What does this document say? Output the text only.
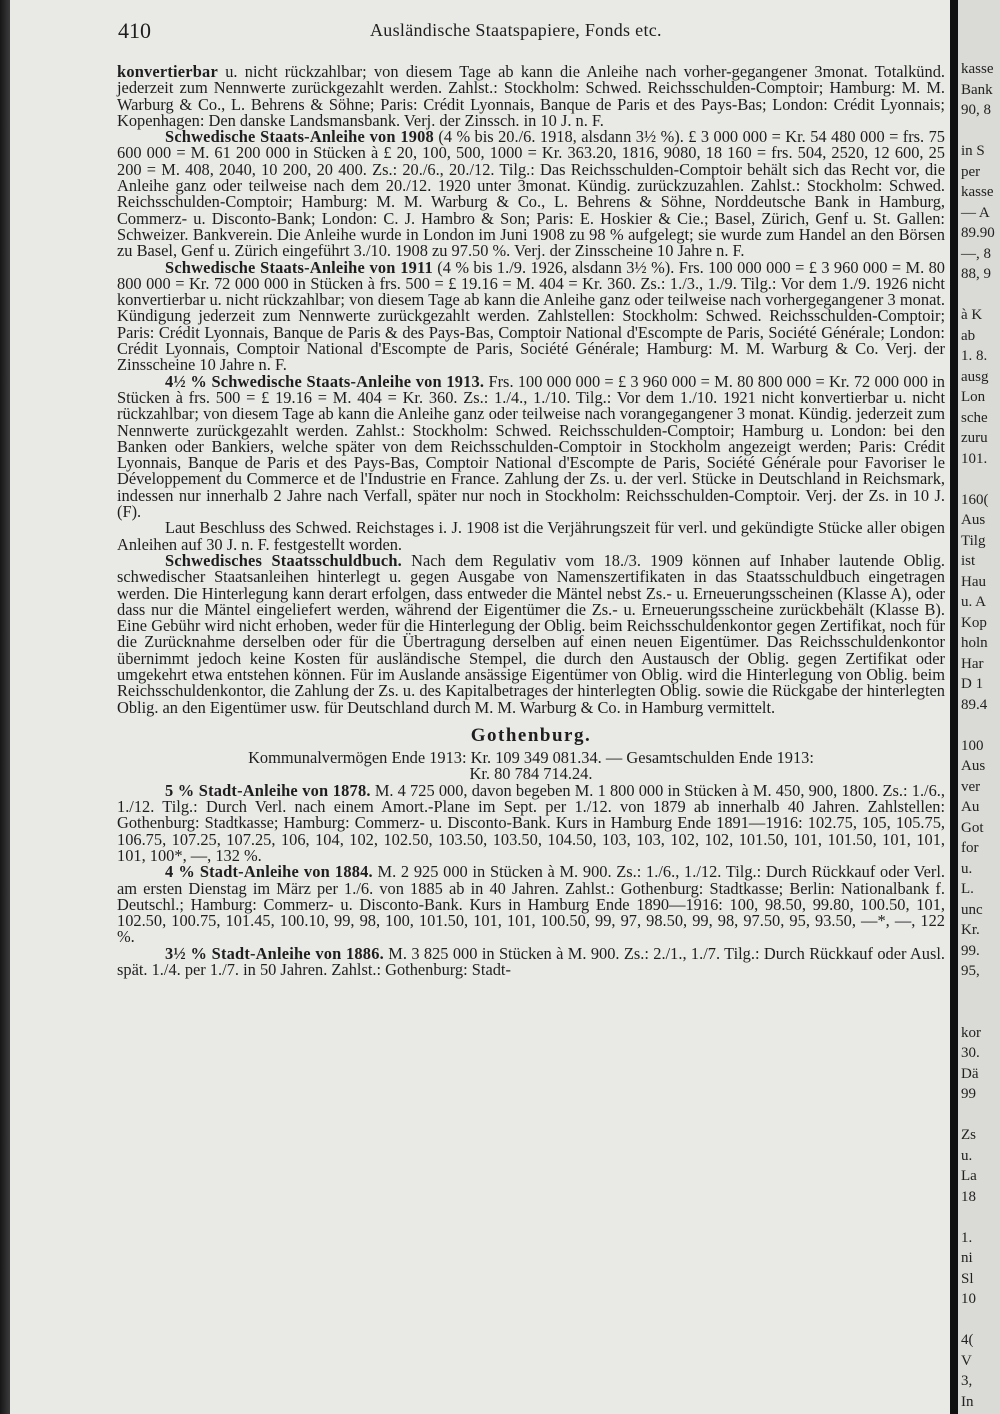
410	Ausländische Staatspapiere, Fonds etc.

konvertierbar u. nicht rückzahlbar; von diesem Tage ab kann die Anleihe nach vorher-gegangener 3monat. Totalkünd. jederzeit zum Nennwerte zurückgezahlt werden. Zahlst.: Stockholm: Schwed. Reichsschulden-Comptoir; Hamburg: M. M. Warburg & Co., L. Behrens & Söhne; Paris: Crédit Lyonnais, Banque de Paris et des Pays-Bas; London: Crédit Lyonnais; Kopenhagen: Den danske Landsmansbank. Verj. der Zinssch. in 10 J. n. F.

Schwedische Staats-Anleihe von 1908 (4 % bis 20./6. 1918, alsdann 3½ %). £ 3 000 000 = Kr. 54 480 000 = frs. 75 600 000 = M. 61 200 000 in Stücken à £ 20, 100, 500, 1000 = Kr. 363.20, 1816, 9080, 18 160 = frs. 504, 2520, 12 600, 25 200 = M. 408, 2040, 10 200, 20 400. Zs.: 20./6., 20./12. Tilg.: Das Reichsschulden-Comptoir behält sich das Recht vor, die Anleihe ganz oder teilweise nach dem 20./12. 1920 unter 3monat. Kündig. zurückzuzahlen. Zahlst.: Stockholm: Schwed. Reichsschulden-Comptoir; Hamburg: M. M. Warburg & Co., L. Behrens & Söhne, Norddeutsche Bank in Hamburg, Commerz- u. Disconto-Bank; London: C. J. Hambro & Son; Paris: E. Hoskier & Cie.; Basel, Zürich, Genf u. St. Gallen: Schweizer. Bankverein. Die Anleihe wurde in London im Juni 1908 zu 98 % aufgelegt; sie wurde zum Handel an den Börsen zu Basel, Genf u. Zürich eingeführt 3./10. 1908 zu 97.50 %. Verj. der Zinsscheine 10 Jahre n. F.

Schwedische Staats-Anleihe von 1911 (4 % bis 1./9. 1926, alsdann 3½ %). Frs. 100 000 000 = £ 3 960 000 = M. 80 800 000 = Kr. 72 000 000 in Stücken à frs. 500 = £ 19.16 = M. 404 = Kr. 360. Zs.: 1./3., 1./9. Tilg.: Vor dem 1./9. 1926 nicht konvertierbar u. nicht rückzahlbar; von diesem Tage ab kann die Anleihe ganz oder teilweise nach vorhergegangener 3 monat. Kündigung jederzeit zum Nennwerte zurückgezahlt werden. Zahlstellen: Stockholm: Schwed. Reichsschulden-Comptoir; Paris: Crédit Lyonnais, Banque de Paris & des Pays-Bas, Comptoir National d'Escompte de Paris, Société Générale; London: Crédit Lyonnais, Comptoir National d'Escompte de Paris, Société Générale; Hamburg: M. M. Warburg & Co. Verj. der Zinsscheine 10 Jahre n. F.

4½ % Schwedische Staats-Anleihe von 1913. Frs. 100 000 000 = £ 3 960 000 = M. 80 800 000 = Kr. 72 000 000 in Stücken à frs. 500 = £ 19.16 = M. 404 = Kr. 360. Zs.: 1./4., 1./10. Tilg.: Vor dem 1./10. 1921 nicht konvertierbar u. nicht rückzahlbar; von diesem Tage ab kann die Anleihe ganz oder teilweise nach vorangegangener 3 monat. Kündig. jederzeit zum Nennwerte zurückgezahlt werden. Zahlst.: Stockholm: Schwed. Reichsschulden-Comptoir; Hamburg u. London: bei den Banken oder Bankiers, welche später von dem Reichsschulden-Comptoir in Stockholm angezeigt werden; Paris: Crédit Lyonnais, Banque de Paris et des Pays-Bas, Comptoir National d'Escompte de Paris, Société Générale pour Favoriser le Développement du Commerce et de l'Industrie en France. Zahlung der Zs. u. der verl. Stücke in Deutschland in Reichsmark, indessen nur innerhalb 2 Jahre nach Verfall, später nur noch in Stockholm: Reichsschulden-Comptoir. Verj. der Zs. in 10 J. (F).

Laut Beschluss des Schwed. Reichstages i. J. 1908 ist die Verjährungszeit für verl. und gekündigte Stücke aller obigen Anleihen auf 30 J. n. F. festgestellt worden.

Schwedisches Staatsschuldbuch. Nach dem Regulativ vom 18./3. 1909 können auf Inhaber lautende Oblig. schwedischer Staatsanleihen hinterlegt u. gegen Ausgabe von Namenszertifikaten in das Staatsschuldbuch eingetragen werden. Die Hinterlegung kann derart erfolgen, dass entweder die Mäntel nebst Zs.- u. Erneuerungsscheinen (Klasse A), oder dass nur die Mäntel eingeliefert werden, während der Eigentümer die Zs.- u. Erneuerungsscheine zurückbehält (Klasse B). Eine Gebühr wird nicht erhoben, weder für die Hinterlegung der Oblig. beim Reichsschuldenkontor gegen Zertifikat, noch für die Zurücknahme derselben oder für die Übertragung derselben auf einen neuen Eigentümer. Das Reichsschuldenkontor übernimmt jedoch keine Kosten für ausländische Stempel, die durch den Austausch der Oblig. gegen Zertifikat oder umgekehrt etwa entstehen können. Für im Auslande ansässige Eigentümer von Oblig. wird die Hinterlegung von Oblig. beim Reichsschuldenkontor, die Zahlung der Zs. u. des Kapitalbetrages der hinterlegten Oblig. sowie die Rückgabe der hinterlegten Oblig. an den Eigentümer usw. für Deutschland durch M. M. Warburg & Co. in Hamburg vermittelt.

Gothenburg.

Kommunalvermögen Ende 1913: Kr. 109 349 081.34. — Gesamtschulden Ende 1913:

Kr. 80 784 714.24.

5 % Stadt-Anleihe von 1878. M. 4 725 000, davon begeben M. 1 800 000 in Stücken à M. 450, 900, 1800. Zs.: 1./6., 1./12. Tilg.: Durch Verl. nach einem Amort.-Plane im Sept. per 1./12. von 1879 ab innerhalb 40 Jahren. Zahlstellen: Gothenburg: Stadtkasse; Hamburg: Commerz- u. Disconto-Bank. Kurs in Hamburg Ende 1891—1916: 102.75, 105, 105.75, 106.75, 107.25, 107.25, 106, 104, 102, 102.50, 103.50, 103.50, 104.50, 103, 103, 102, 102, 101.50, 101, 101.50, 101, 101, 101, 100*, —, 132 %.

4 % Stadt-Anleihe von 1884. M. 2 925 000 in Stücken à M. 900. Zs.: 1./6., 1./12. Tilg.: Durch Rückkauf oder Verl. am ersten Dienstag im März per 1./6. von 1885 ab in 40 Jahren. Zahlst.: Gothenburg: Stadtkasse; Berlin: Nationalbank f. Deutschl.; Hamburg: Commerz- u. Disconto-Bank. Kurs in Hamburg Ende 1890—1916: 100, 98.50, 99.80, 100.50, 101, 102.50, 100.75, 101.45, 100.10, 99, 98, 100, 101.50, 101, 101, 100.50, 99, 97, 98.50, 99, 98, 97.50, 95, 93.50, —*, —, 122 %.

3½ % Stadt-Anleihe von 1886. M. 3 825 000 in Stücken à M. 900. Zs.: 2./1., 1./7. Tilg.: Durch Rückkauf oder Ausl. spät. 1./4. per 1./7. in 50 Jahren. Zahlst.: Gothenburg: Stadt-

kasse
Bank
90, 8
in S
per
kasse
— A
89.90
—, 8
88, 9
à K
ab
1. 8.
ausg
Lon
sche
zuru
101.
160(
Aus
Tilg
ist
Hau
u. A
Kop
holn
Har
D 1
89.4
100
Aus
ver
Au
Got
for
u.
L.
unc
Kr.
99.
95,
kor
30.
Dä
99
Zs
u.
La
18
1.
ni
Sl
10
4(
V
3,
In
